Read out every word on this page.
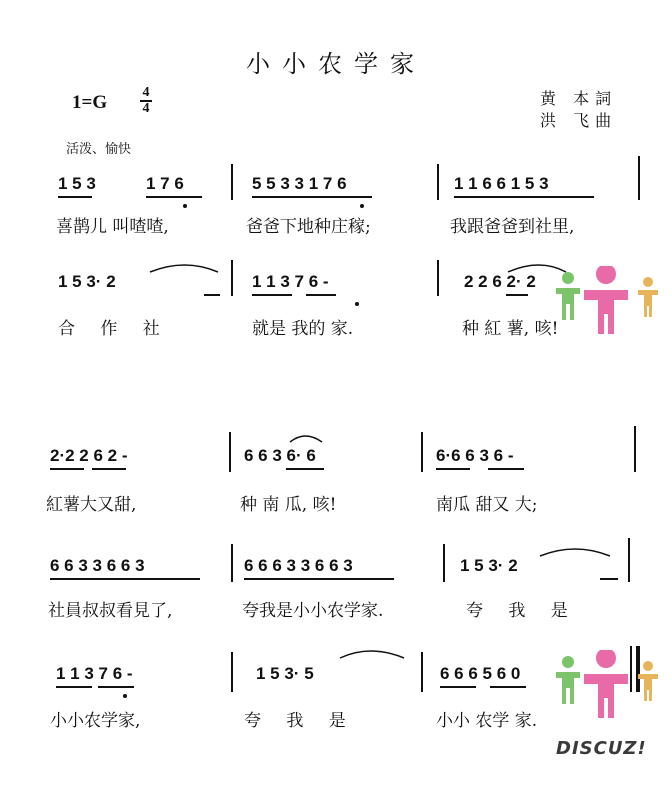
小小农学家
1=G	4
4
黄 本詞
洪 飞曲
活泼、愉快
1 5 3	1 7 6	5 5 3 3 1 7 6	1 1 6 6 1 5 3
喜鹊儿 叫喳喳,	爸爸下地种庄稼;	我跟爸爸到社里,
1 5 3· 2	1 1 3 7 6 -	2 2 6 2· 2
合 作 社	就是 我的 家.	种 紅 薯, 咳!
2·2 2 6 2 -	6 6 3 6· 6	6·6 6 3 6 -
紅薯大又甜,	种 南 瓜, 咳!	南瓜 甜又 大;
6 6 3 3 6 6 3	6 6 6 3 3 6 6 3	1 5 3· 2
社員叔叔看見了,	夸我是小小农学家.	夸 我 是
1 1 3 7 6 -	1 5 3· 5	6 6 6 5 6 0
小小农学家,	夸 我 是	小小 农学 家.
DISCUZ!
